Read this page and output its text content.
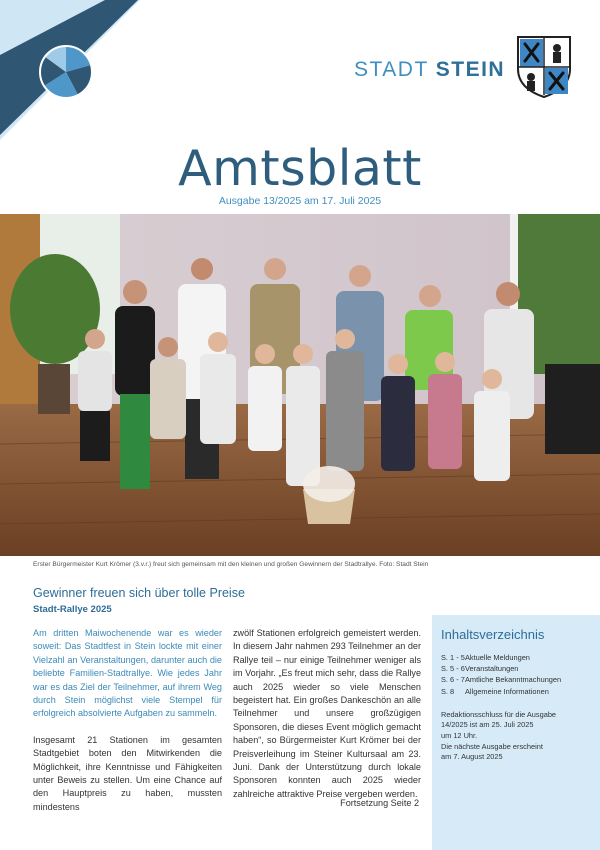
STADT STEIN
Amtsblatt
Ausgabe 13/2025 am 17. Juli 2025
Erster Bürgermeister Kurt Krömer (3.v.r.) freut sich gemeinsam mit den kleinen und großen Gewinnern der Stadtrallye. Foto: Stadt Stein
Gewinner freuen sich über tolle Preise
Stadt-Rallye 2025

Am dritten Maiwochenende war es wieder soweit: Das Stadtfest in Stein lockte mit einer Vielzahl an Veranstaltungen, darunter auch die beliebte Familien-Stadtrallye. Wie jedes Jahr war es das Ziel der Teilnehmer, auf ihrem Weg durch Stein möglichst viele Stempel für erfolgreich absolvierte Aufgaben zu sammeln.

Insgesamt 21 Stationen im gesamten Stadtgebiet boten den Mitwirkenden die Möglichkeit, ihre Kenntnisse und Fähigkeiten unter Beweis zu stellen. Um eine Chance auf den Hauptpreis zu haben, mussten mindestens

zwölf Stationen erfolgreich gemeistert werden. In diesem Jahr nahmen 293 Teilnehmer an der Rallye teil – nur einige Teilnehmer weniger als im Vorjahr. „Es freut mich sehr, dass die Rallye auch 2025 wieder so viele Menschen begeistert hat. Ein großes Dankeschön an alle Teilnehmer und unsere großzügigen Sponsoren, die dieses Event möglich gemacht haben“, so Bürgermeister Kurt Krömer bei der Preisverleihung im Steiner Kultursaal am 23. Juni. Dank der Unterstützung durch lokale Sponsoren konnten auch 2025 wieder zahlreiche attraktive Preise vergeben werden.

Fortsetzung Seite 2
Inhaltsverzeichnis
S. 1 - 5 Aktuelle Meldungen
S. 5 - 6 Veranstaltungen
S. 6 - 7 Amtliche Bekanntmachungen
S. 8	Allgemeine Informationen
Redaktionsschluss für die Ausgabe
14/2025 ist am 25. Juli 2025
um 12 Uhr.
Die nächste Ausgabe erscheint
am 7. August 2025
